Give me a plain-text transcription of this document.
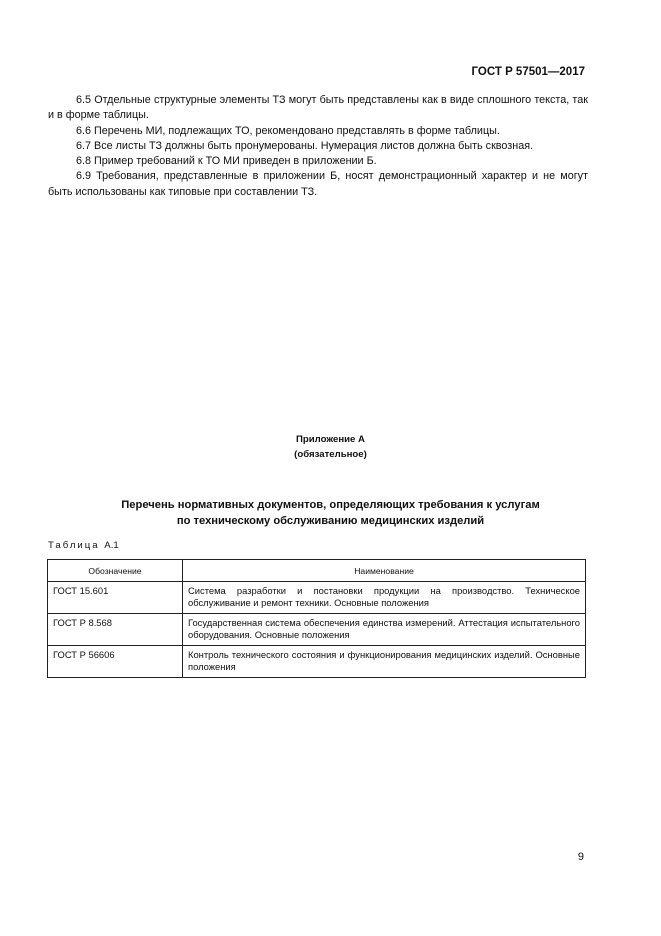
ГОСТ Р 57501—2017

6.5 Отдельные структурные элементы ТЗ могут быть представлены как в виде сплошного текста, так и в форме таблицы.

6.6 Перечень МИ, подлежащих ТО, рекомендовано представлять в форме таблицы.

6.7 Все листы ТЗ должны быть пронумерованы. Нумерация листов должна быть сквозная.

6.8 Пример требований к ТО МИ приведен в приложении Б.

6.9 Требования, представленные в приложении Б, носят демонстрационный характер и не могут быть использованы как типовые при составлении ТЗ.

Приложение А
(обязательное)
Перечень нормативных документов, определяющих требования к услугам
по техническому обслуживанию медицинских изделий
Таблица А.1
Обозначение	Наименование
ГОСТ 15.601	Система разработки и постановки продукции на производство. Техническое обслуживание и ремонт техники. Основные положения
ГОСТ Р 8.568	Государственная система обеспечения единства измерений. Аттестация испытательного оборудования. Основные положения
ГОСТ Р 56606	Контроль технического состояния и функционирования медицинских изделий. Основные положения
9
